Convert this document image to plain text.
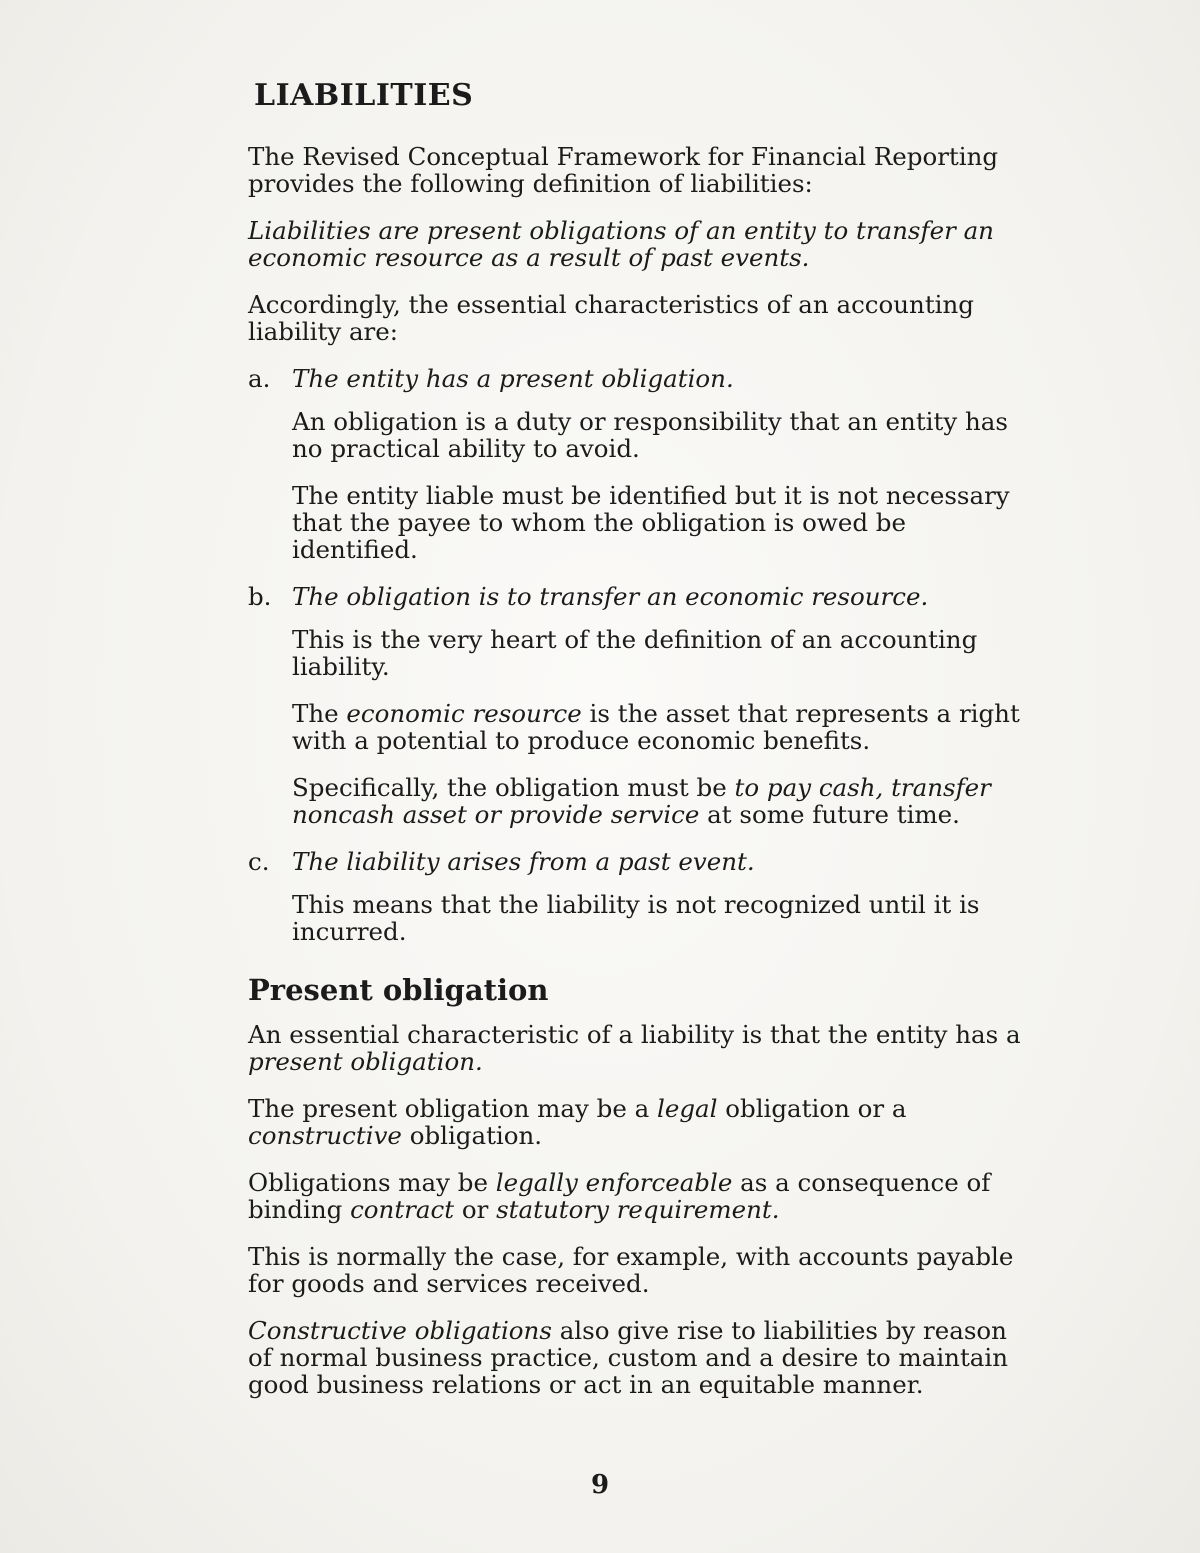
LIABILITIES

The Revised Conceptual Framework for Financial Reporting provides the following definition of liabilities:

Liabilities are present obligations of an entity to transfer an economic resource as a result of past events.

Accordingly, the essential characteristics of an accounting liability are:

a. The entity has a present obligation.

An obligation is a duty or responsibility that an entity has no practical ability to avoid.

The entity liable must be identified but it is not necessary that the payee to whom the obligation is owed be identified.

b. The obligation is to transfer an economic resource.

This is the very heart of the definition of an accounting liability.

The economic resource is the asset that represents a right with a potential to produce economic benefits.

Specifically, the obligation must be to pay cash, transfer noncash asset or provide service at some future time.

c. The liability arises from a past event.

This means that the liability is not recognized until it is incurred.

Present obligation

An essential characteristic of a liability is that the entity has a present obligation.

The present obligation may be a legal obligation or a constructive obligation.

Obligations may be legally enforceable as a consequence of binding contract or statutory requirement.

This is normally the case, for example, with accounts payable for goods and services received.

Constructive obligations also give rise to liabilities by reason of normal business practice, custom and a desire to maintain good business relations or act in an equitable manner.

9
